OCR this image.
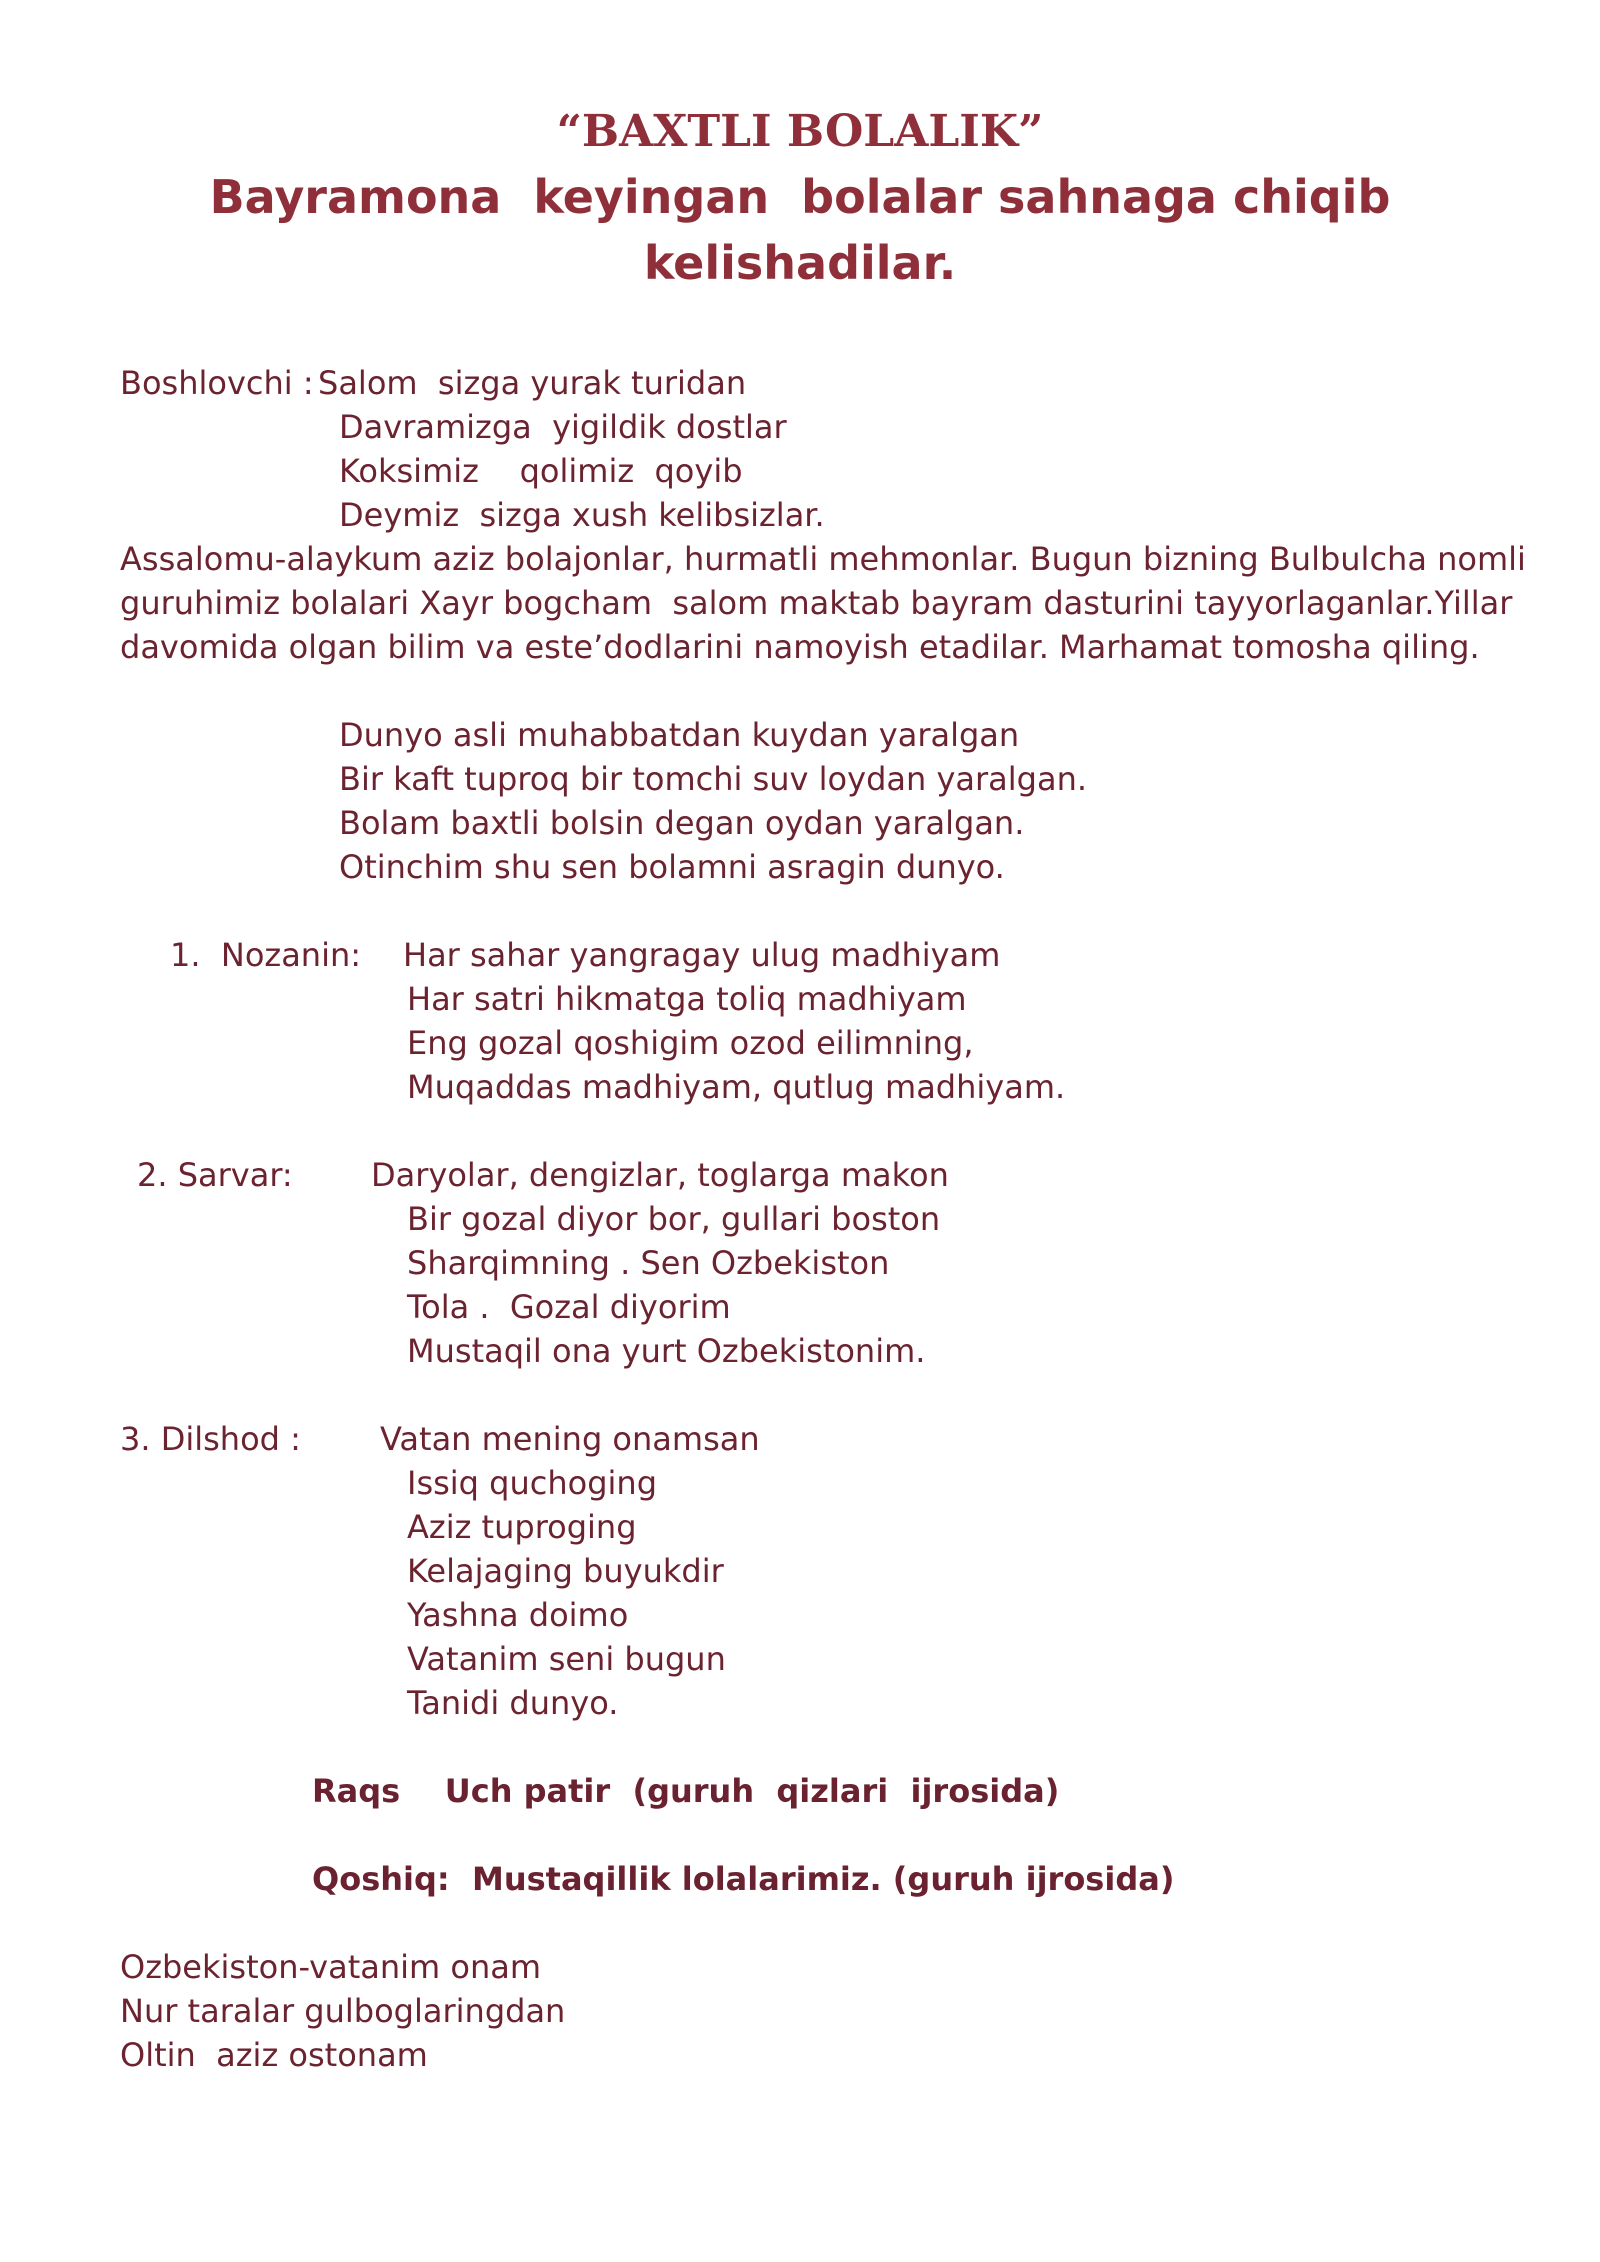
“BAXTLI BOLALIK”
Bayramona  keyingan  bolalar sahnaga chiqib kelishadilar.
Boshlovchi : Salom  sizga yurak turidan
Davramizga  yigildik dostlar
Koksimiz    qolimiz  qoyib
Deymiz  sizga xush kelibsizlar.
Assalomu-alaykum aziz bolajonlar, hurmatli mehmonlar. Bugun bizning Bulbulcha nomli
guruhimiz bolalari Xayr bogcham  salom maktab bayram dasturini tayyorlaganlar.Yillar
davomida olgan bilim va este’dodlarini namoyish etadilar. Marhamat tomosha qiling.
Dunyo asli muhabbatdan kuydan yaralgan
Bir kaft tuproq bir tomchi suv loydan yaralgan.
Bolam baxtli bolsin degan oydan yaralgan.
Otinchim shu sen bolamni asragin dunyo.
1.  Nozanin: Har sahar yangragay ulug madhiyam
Har satri hikmatga toliq madhiyam
Eng gozal qoshigim ozod eilimning,
Muqaddas madhiyam, qutlug madhiyam.
2. Sarvar: Daryolar, dengizlar, toglarga makon
Bir gozal diyor bor, gullari boston
Sharqimning . Sen Ozbekiston
Tola .  Gozal diyorim
Mustaqil ona yurt Ozbekistonim.
3. Dilshod : Vatan mening onamsan
Issiq quchoging
Aziz tuproging
Kelajaging buyukdir
Yashna doimo
Vatanim seni bugun
Tanidi dunyo.
Raqs    Uch patir  (guruh  qizlari  ijrosida)
Qoshiq:  Mustaqillik lolalarimiz. (guruh ijrosida)
Ozbekiston-vatanim onam
Nur taralar gulboglaringdan
Oltin  aziz ostonam
